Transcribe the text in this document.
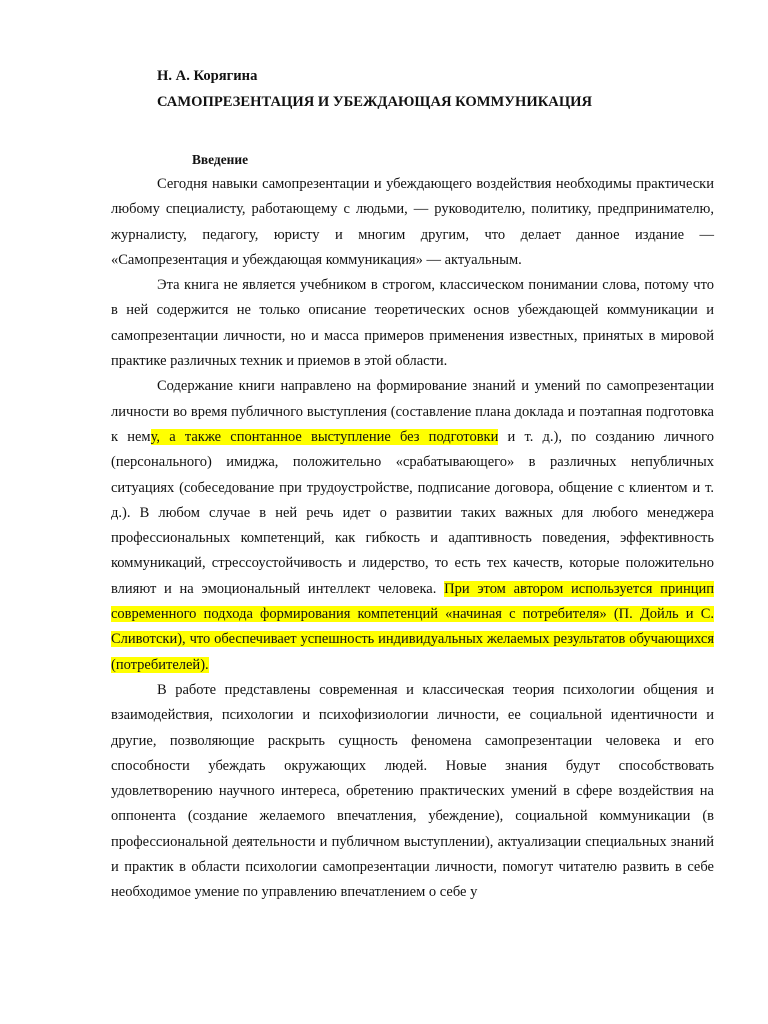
Н. А. Корягина
САМОПРЕЗЕНТАЦИЯ И УБЕЖДАЮЩАЯ КОММУНИКАЦИЯ
Введение

Сегодня навыки самопрезентации и убеждающего воздействия необходимы практически любому специалисту, работающему с людьми, — руководителю, политику, предпринимателю, журналисту, педагогу, юристу и многим другим, что делает данное издание — «Самопрезентация и убеждающая коммуникация» — актуальным.

Эта книга не является учебником в строгом, классическом понимании слова, потому что в ней содержится не только описание теоретических основ убеждающей коммуникации и самопрезентации личности, но и масса примеров применения известных, принятых в мировой практике различных техник и приемов в этой области.

Содержание книги направлено на формирование знаний и умений по самопрезентации личности во время публичного выступления (составление плана доклада и поэтапная подготовка к нему, а также спонтанное выступление без подготовки и т. д.), по созданию личного (персонального) имиджа, положительно «срабатывающего» в различных непубличных ситуациях (собеседование при трудоустройстве, подписание договора, общение с клиентом и т. д.). В любом случае в ней речь идет о развитии таких важных для любого менеджера профессиональных компетенций, как гибкость и адаптивность поведения, эффективность коммуникаций, стрессоустойчивость и лидерство, то есть тех качеств, которые положительно влияют и на эмоциональный интеллект человека. При этом автором используется принцип современного подхода формирования компетенций «начиная с потребителя» (П. Дойль и С. Сливотски), что обеспечивает успешность индивидуальных желаемых результатов обучающихся (потребителей).

В работе представлены современная и классическая теория психологии общения и взаимодействия, психологии и психофизиологии личности, ее социальной идентичности и другие, позволяющие раскрыть сущность феномена самопрезентации человека и его способности убеждать окружающих людей. Новые знания будут способствовать удовлетворению научного интереса, обретению практических умений в сфере воздействия на оппонента (создание желаемого впечатления, убеждение), социальной коммуникации (в профессиональной деятельности и публичном выступлении), актуализации специальных знаний и практик в области психологии самопрезентации личности, помогут читателю развить в себе необходимое умение по управлению впечатлением о себе у
